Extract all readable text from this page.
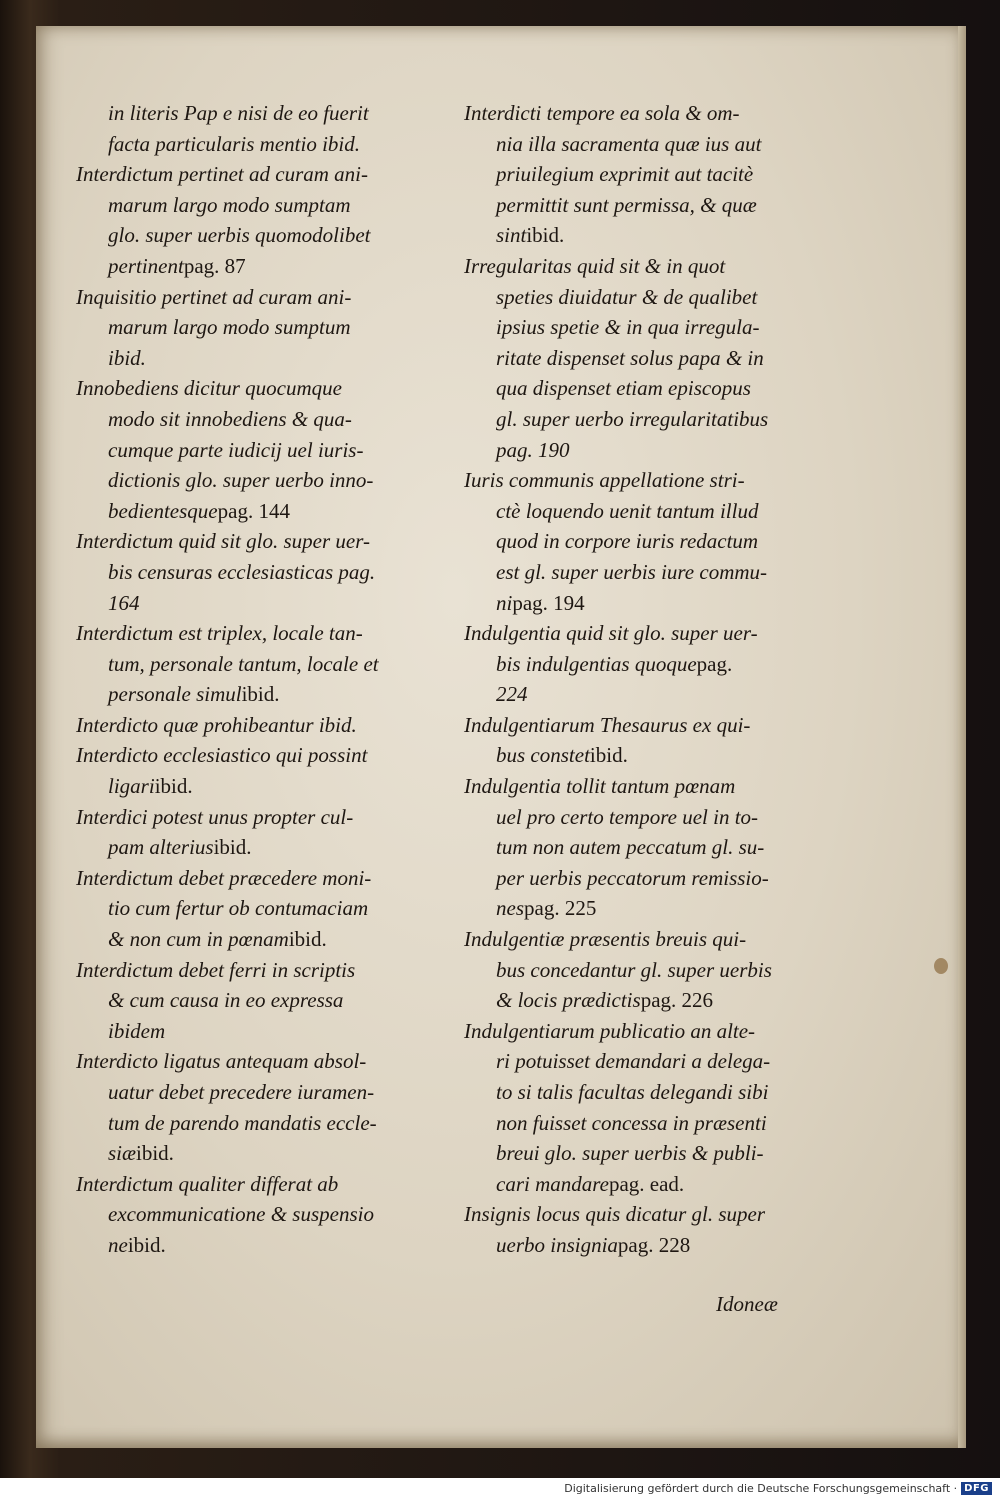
in literis Pap e nisi de eo fuerit
facta particularis mentio ibid.
Interdictum pertinet ad curam ani-
marum largo modo sumptam
glo. super uerbis quomodolibet
pertinentpag. 87
Inquisitio pertinet ad curam ani-
marum largo modo sumptum
ibid.
Innobediens dicitur quocumque
modo sit innobediens & qua-
cumque parte iudicij uel iuris-
dictionis glo. super uerbo inno-
bedientesquepag. 144
Interdictum quid sit glo. super uer-
bis censuras ecclesiasticas pag.
164
Interdictum est triplex, locale tan-
tum, personale tantum, locale et
personale simulibid.
Interdicto quæ prohibeantur ibid.
Interdicto ecclesiastico qui possint
ligariibid.
Interdici potest unus propter cul-
pam alteriusibid.
Interdictum debet præcedere moni-
tio cum fertur ob contumaciam
& non cum in pœnamibid.
Interdictum debet ferri in scriptis
& cum causa in eo expressa
ibidem
Interdicto ligatus antequam absol-
uatur debet precedere iuramen-
tum de parendo mandatis eccle-
siæibid.
Interdictum qualiter differat ab
excommunicatione & suspensio
neibid.
Interdicti tempore ea sola & om-
nia illa sacramenta quæ ius aut
priuilegium exprimit aut tacitè
permittit sunt permissa, & quæ
sintibid.
Irregularitas quid sit & in quot
speties diuidatur & de qualibet
ipsius spetie & in qua irregula-
ritate dispenset solus papa & in
qua dispenset etiam episcopus
gl. super uerbo irregularitatibus
pag. 190
Iuris communis appellatione stri-
ctè loquendo uenit tantum illud
quod in corpore iuris redactum
est gl. super uerbis iure commu-
nipag. 194
Indulgentia quid sit glo. super uer-
bis indulgentias quoquepag.
224
Indulgentiarum Thesaurus ex qui-
bus constetibid.
Indulgentia tollit tantum pœnam
uel pro certo tempore uel in to-
tum non autem peccatum gl. su-
per uerbis peccatorum remissio-
nespag. 225
Indulgentiæ præsentis breuis qui-
bus concedantur gl. super uerbis
& locis prædictispag. 226
Indulgentiarum publicatio an alte-
ri potuisset demandari a delega-
to si talis facultas delegandi sibi
non fuisset concessa in præsenti
breui glo. super uerbis & publi-
cari mandarepag. ead.
Insignis locus quis dicatur gl. super
uerbo insigniapag. 228
Idoneæ
Digitalisierung gefördert durch die Deutsche Forschungsgemeinschaft · DFG
